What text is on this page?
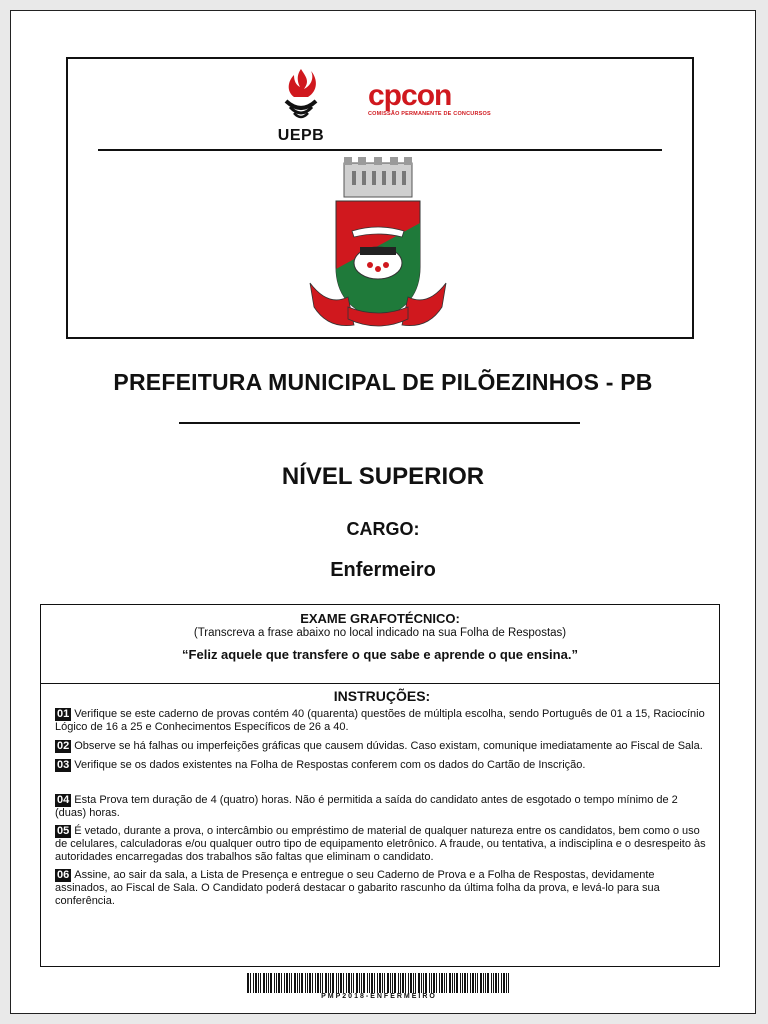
UEPB
cpcon
COMISSÃO PERMANENTE DE CONCURSOS
PREFEITURA MUNICIPAL DE PILÕEZINHOS - PB
NÍVEL SUPERIOR
CARGO:
Enfermeiro
EXAME GRAFOTÉCNICO:
(Transcreva a frase abaixo no local indicado na sua Folha de Respostas)
“Feliz aquele que transfere o que sabe e aprende o que ensina.”
INSTRUÇÕES:
01 Verifique se este caderno de provas contém 40 (quarenta) questões de múltipla escolha, sendo Português de 01 a 15, Raciocínio Lógico de 16 a 25 e Conhecimentos Específicos de 26 a 40.
02 Observe se há falhas ou imperfeições gráficas que causem dúvidas. Caso existam, comunique imediatamente ao Fiscal de Sala.
03 Verifique se os dados existentes na Folha de Respostas conferem com os dados do Cartão de Inscrição.
04 Esta Prova tem duração de 4 (quatro) horas. Não é permitida a saída do candidato antes de esgotado o tempo mínimo de 2 (duas) horas.
05 É vetado, durante a prova, o intercâmbio ou empréstimo de material de qualquer natureza entre os candidatos, bem como o uso de celulares, calculadoras e/ou qualquer outro tipo de equipamento eletrônico. A fraude, ou tentativa, a indisciplina e o desrespeito às autoridades encarregadas dos trabalhos são faltas que eliminam o candidato.
06 Assine, ao sair da sala, a Lista de Presença e entregue o seu Caderno de Prova e a Folha de Respostas, devidamente assinados, ao Fiscal de Sala. O Candidato poderá destacar o gabarito rascunho da última folha da prova, e levá-lo para sua conferência.
PMP2018-ENFERMEIRO
